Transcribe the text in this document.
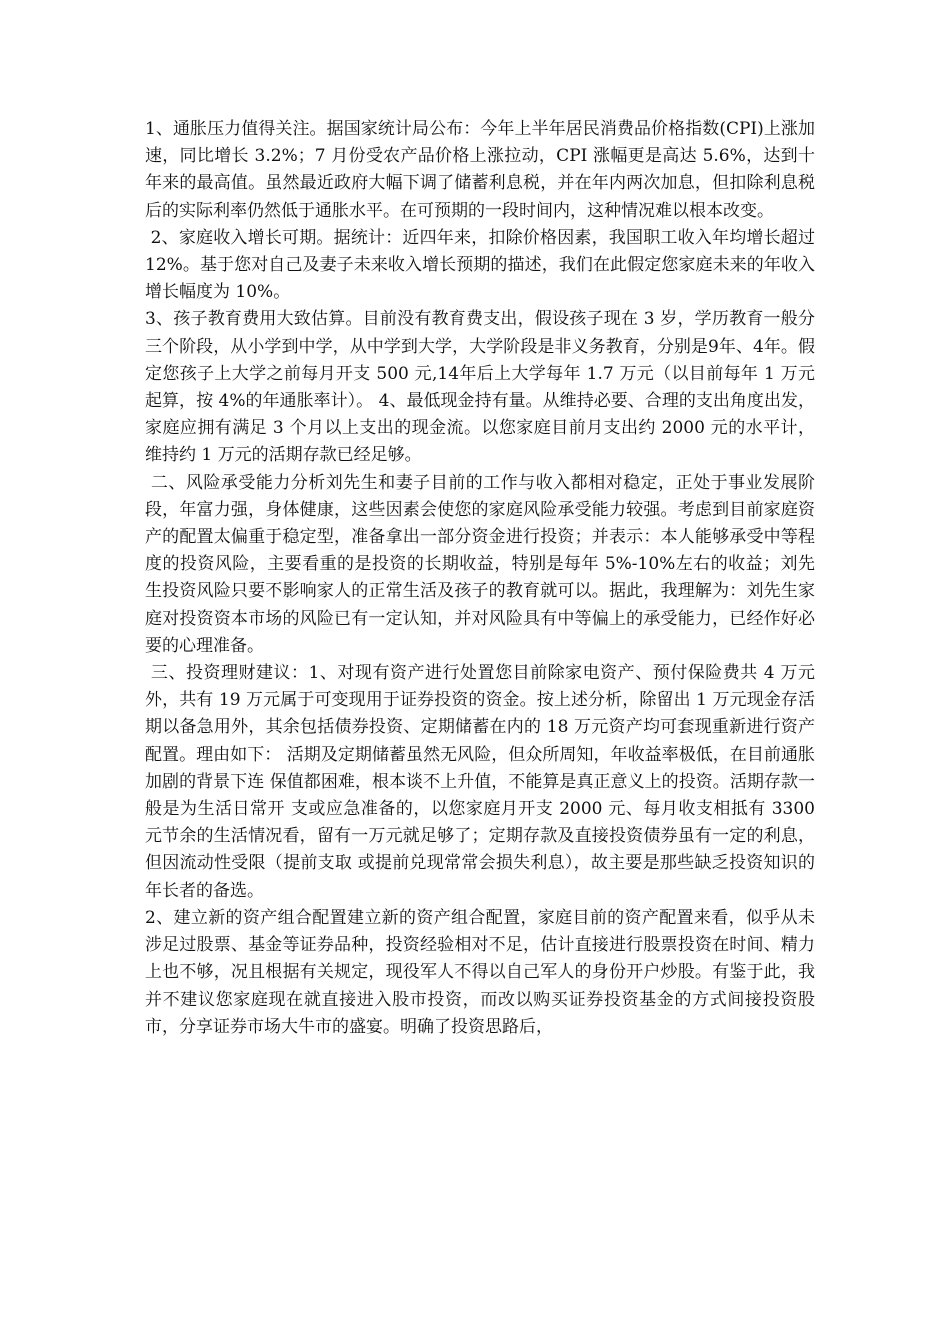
1、通胀压力值得关注。据国家统计局公布：今年上半年居民消费品价格指数(CPI)上涨加速，同比增长 3.2%；7 月份受农产品价格上涨拉动，CPI 涨幅更是高达 5.6%，达到十年来的最高值。虽然最近政府大幅下调了储蓄利息税，并在年内两次加息，但扣除利息税后的实际利率仍然低于通胀水平。在可预期的一段时间内，这种情况难以根本改变。

2、家庭收入增长可期。据统计：近四年来，扣除价格因素，我国职工收入年均增长超过 12%。基于您对自己及妻子未来收入增长预期的描述，我们在此假定您家庭未来的年收入增长幅度为 10%。

3、孩子教育费用大致估算。目前没有教育费支出，假设孩子现在 3 岁，学历教育一般分三个阶段，从小学到中学，从中学到大学，大学阶段是非义务教育，分别是9年、4年。假定您孩子上大学之前每月开支 500 元,14年后上大学每年 1.7 万元（以目前每年 1 万元起算，按 4%的年通胀率计）。 4、最低现金持有量。从维持必要、合理的支出角度出发，家庭应拥有满足 3 个月以上支出的现金流。以您家庭目前月支出约 2000 元的水平计，维持约 1 万元的活期存款已经足够。

二、风险承受能力分析刘先生和妻子目前的工作与收入都相对稳定，正处于事业发展阶段，年富力强，身体健康，这些因素会使您的家庭风险承受能力较强。考虑到目前家庭资产的配置太偏重于稳定型，准备拿出一部分资金进行投资；并表示：本人能够承受中等程度的投资风险，主要看重的是投资的长期收益，特别是每年 5%-10%左右的收益；刘先生投资风险只要不影响家人的正常生活及孩子的教育就可以。据此，我理解为：刘先生家庭对投资资本市场的风险已有一定认知，并对风险具有中等偏上的承受能力，已经作好必要的心理准备。

三、投资理财建议：1、对现有资产进行处置您目前除家电资产、预付保险费共 4 万元外，共有 19 万元属于可变现用于证券投资的资金。按上述分析，除留出 1 万元现金存活期以备急用外，其余包括债券投资、定期储蓄在内的 18 万元资产均可套现重新进行资产配置。理由如下： 活期及定期储蓄虽然无风险，但众所周知，年收益率极低，在目前通胀加剧的背景下连 保值都困难，根本谈不上升值，不能算是真正意义上的投资。活期存款一般是为生活日常开 支或应急准备的，以您家庭月开支 2000 元、每月收支相抵有 3300 元节余的生活情况看，留有一万元就足够了；定期存款及直接投资债券虽有一定的利息，但因流动性受限（提前支取 或提前兑现常常会损失利息），故主要是那些缺乏投资知识的年长者的备选。

2、建立新的资产组合配置建立新的资产组合配置，家庭目前的资产配置来看，似乎从未涉足过股票、基金等证券品种，投资经验相对不足，估计直接进行股票投资在时间、精力上也不够，况且根据有关规定，现役军人不得以自己军人的身份开户炒股。有鉴于此，我并不建议您家庭现在就直接进入股市投资，而改以购买证券投资基金的方式间接投资股市，分享证券市场大牛市的盛宴。明确了投资思路后，
